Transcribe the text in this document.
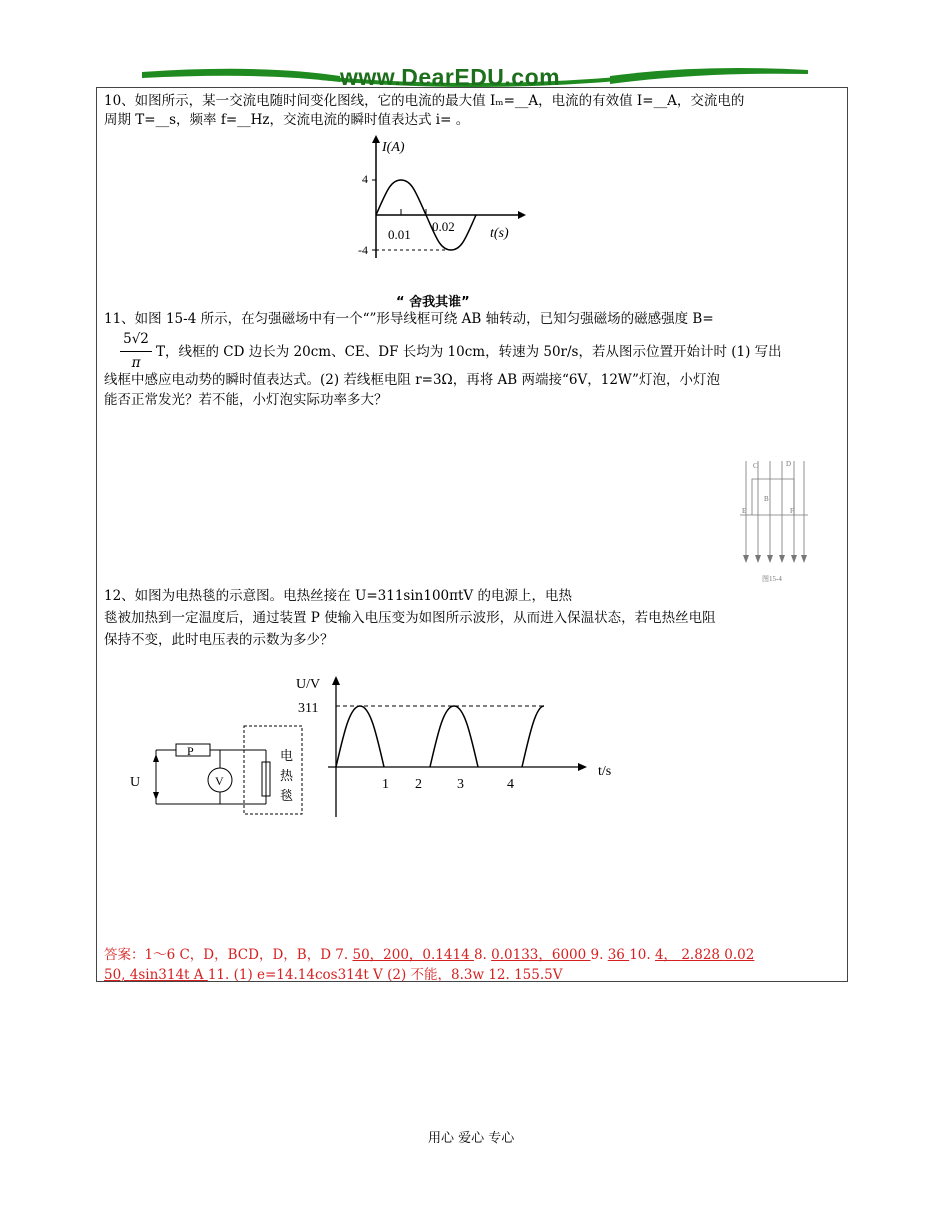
www.DearEDU.com
10、如图所示，某一交流电随时间变化图线，它的电流的最大值 Iₘ=__A，电流的有效值 I=__A，交流电的
周期 T=__s，频率 f=__Hz，交流电流的瞬时值表达式 i= 。
I(A)
4
-4
0.01
0.02	t(s)
“ 舍我其谁”
11、如图 15-4 所示，在匀强磁场中有一个“”形导线框可绕 AB 轴转动，已知匀强磁场的磁感强度 B=
5√2
π
T，线框的 CD 边长为 20cm、CE、DF 长均为 10cm，转速为 50r/s，若从图示位置开始计时 (1) 写出
线框中感应电动势的瞬时值表达式。(2) 若线框电阻 r=3Ω，再将 AB 两端接“6V，12W”灯泡，小灯泡
能否正常发光？若不能，小灯泡实际功率多大？
C	D
B
E	F
图15-4
12、如图为电热毯的示意图。电热丝接在 U=311sin100πtV 的电源上，电热
毯被加热到一定温度后，通过装置 P 使输入电压变为如图所示波形，从而进入保温状态，若电热丝电阻
保持不变，此时电压表的示数为多少？
U
P
V
电
热
毯
U/V
311
1 2	3	4
t/s
答案：1～6 C，D，BCD，D，B，D 7. 50，200，0.1414 8. 0.0133，6000 9. 36 10. 4， 2.828 0.02
50, 4sin314t A 11. (1) e=14.14cos314t V (2) 不能，8.3w 12. 155.5V
用心 爱心 专心
